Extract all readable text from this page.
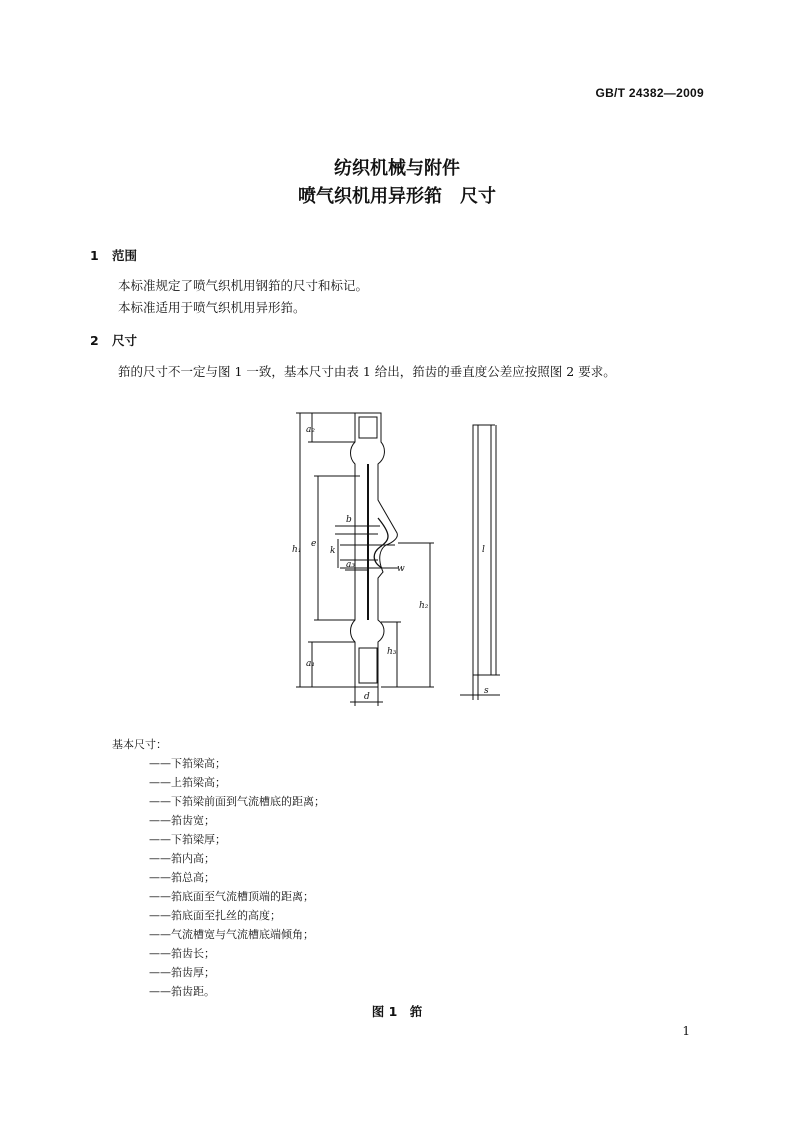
GB/T 24382—2009
纺织机械与附件
喷气织机用异形筘　尺寸
1 范围
本标准规定了喷气织机用钢筘的尺寸和标记。
本标准适用于喷气织机用异形筘。
2 尺寸
筘的尺寸不一定与图 1 一致，基本尺寸由表 1 给出，筘齿的垂直度公差应按照图 2 要求。
a₂
b
e
h₁	k
a₃	w
h₂
h₃
a₁
d
l
s
基本尺寸：
——下筘梁高；
——上筘梁高；
——下筘梁前面到气流槽底的距离；
——筘齿宽；
——下筘梁厚；
——筘内高；
——筘总高；
——筘底面至气流槽顶端的距离；
——筘底面至扎丝的高度；
——气流槽宽与气流槽底端倾角；
——筘齿长；
——筘齿厚；
——筘齿距。
图 1　筘
1
